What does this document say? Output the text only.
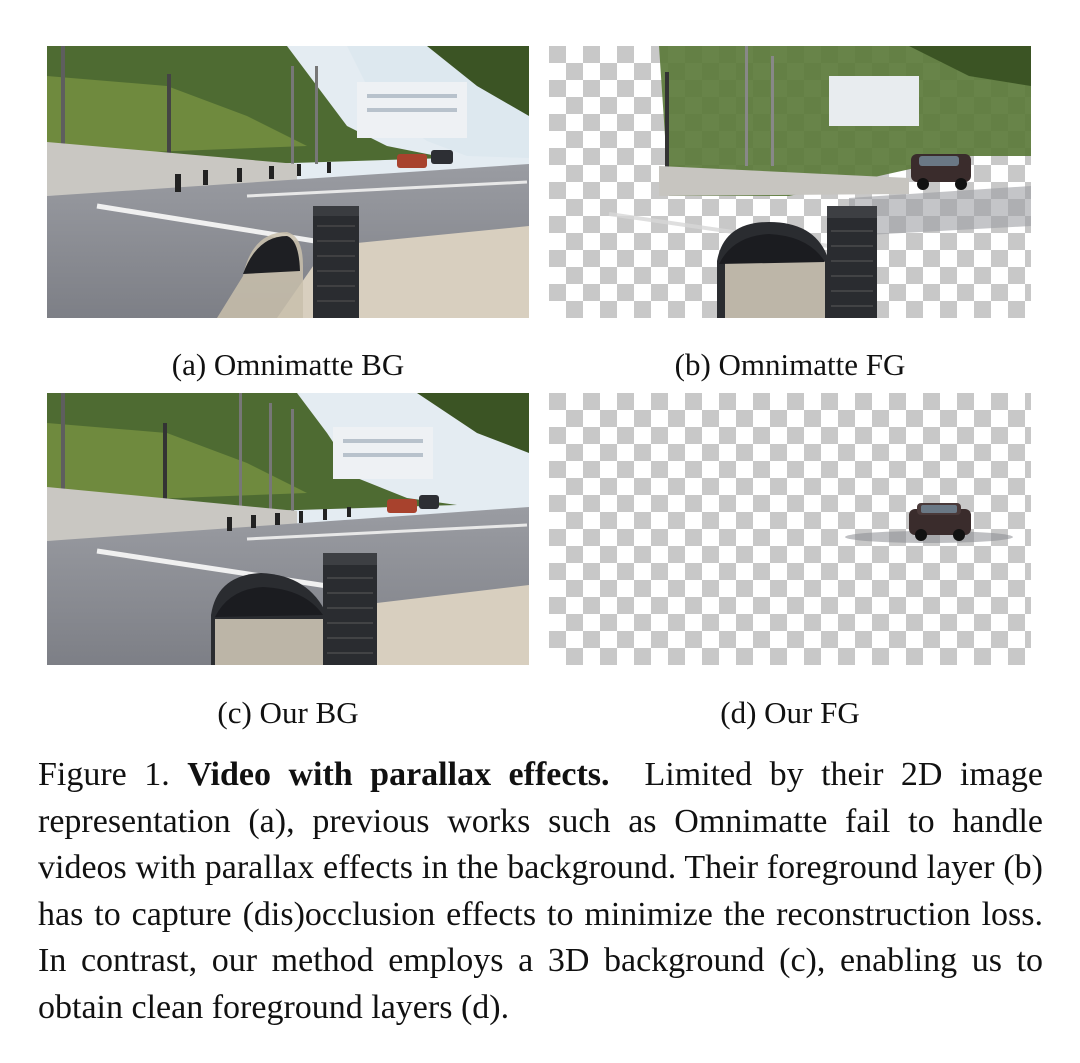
(a) Omnimatte BG	(b) Omnimatte FG
(c) Our BG	(d) Our FG
Figure 1. Video with parallax effects. Limited by their 2D image representation (a), previous works such as Omnimatte fail to handle videos with parallax effects in the background. Their foreground layer (b) has to capture (dis)occlusion effects to minimize the reconstruction loss. In contrast, our method employs a 3D background (c), enabling us to obtain clean foreground layers (d).
